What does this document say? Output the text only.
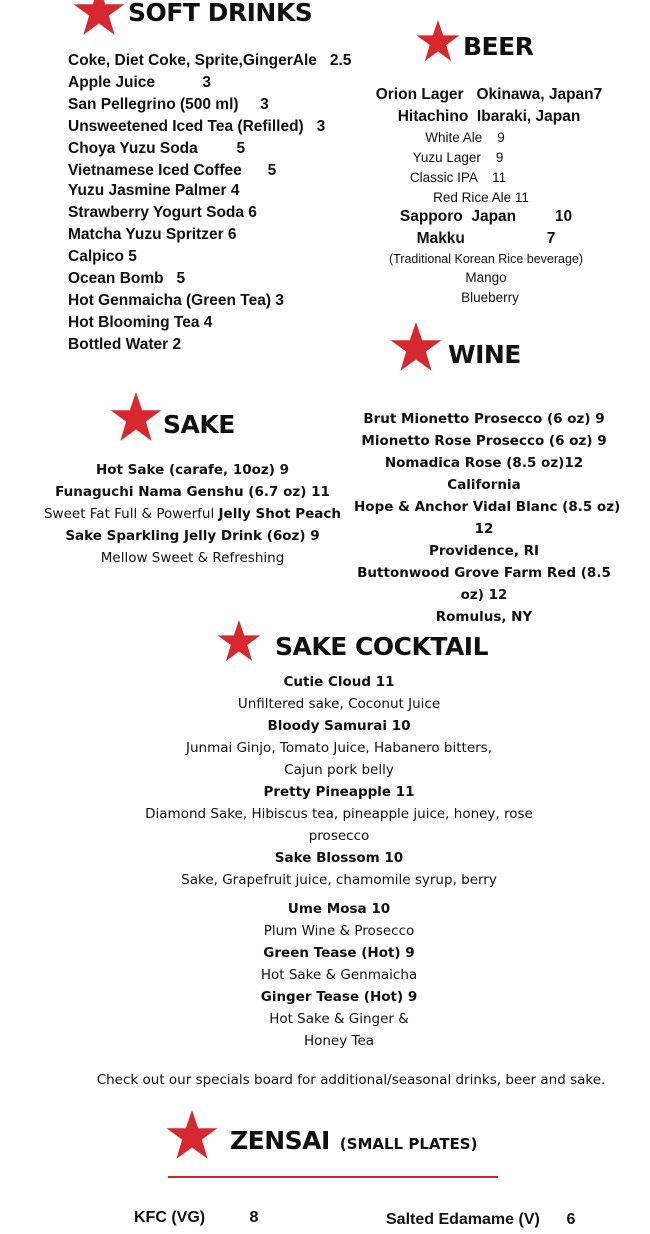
SOFT DRINKS
Coke, Diet Coke, Sprite,GingerAle   2.5
Apple Juice           3
San Pellegrino (500 ml)     3
Unsweetened Iced Tea (Refilled)   3
Choya Yuzu Soda         5
Vietnamese Iced Coffee      5
Yuzu Jasmine Palmer 4
Strawberry Yogurt Soda 6
Matcha Yuzu Spritzer 6
Calpico 5
Ocean Bomb   5
Hot Genmaicha (Green Tea) 3
Hot Blooming Tea 4
Bottled Water 2
BEER
Orion Lager   Okinawa, Japan7
Hitachino  Ibaraki, Japan
White Ale    9
Yuzu Lager    9
Classic IPA    11
Red Rice Ale 11
Sapporo  Japan         10
Makku                   7
(Traditional Korean Rice beverage)
Mango
Blueberry
WINE
Brut Mionetto Prosecco (6 oz) 9
Mionetto Rose Prosecco (6 oz) 9
Nomadica Rose (8.5 oz)12
California
Hope & Anchor Vidal Blanc (8.5 oz)
12
Providence, RI
Buttonwood Grove Farm Red (8.5
oz) 12
Romulus, NY
SAKE
Hot Sake (carafe, 10oz) 9
Funaguchi Nama Genshu (6.7 oz) 11
Sweet Fat Full & Powerful Jelly Shot Peach
Sake Sparkling Jelly Drink (6oz) 9
Mellow Sweet & Refreshing
SAKE COCKTAIL
Cutie Cloud 11
Unfiltered sake, Coconut Juice
Bloody Samurai 10
Junmai Ginjo, Tomato Juice, Habanero bitters,
Cajun pork belly
Pretty Pineapple 11
Diamond Sake, Hibiscus tea, pineapple juice, honey, rose
prosecco
Sake Blossom 10
Sake, Grapefruit juice, chamomile syrup, berry
Ume Mosa 10
Plum Wine & Prosecco
Green Tease (Hot) 9
Hot Sake & Genmaicha
Ginger Tease (Hot) 9
Hot Sake & Ginger &
Honey Tea
Check out our specials board for additional/seasonal drinks, beer and sake.
ZENSAI (SMALL PLATES)
KFC (VG)          8	Salted Edamame (V)      6
